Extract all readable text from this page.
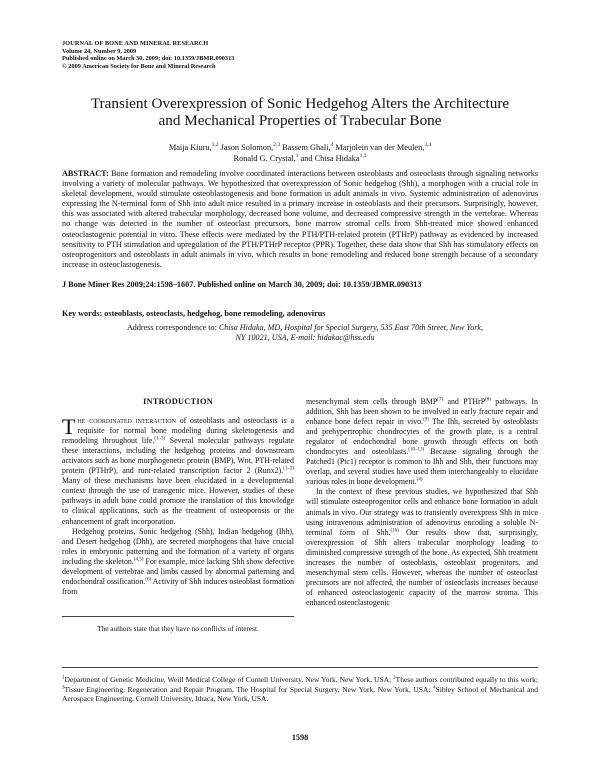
JOURNAL OF BONE AND MINERAL RESEARCH
Volume 24, Number 9, 2009
Published online on March 30, 2009; doi: 10.1359/JBMR.090313
© 2009 American Society for Bone and Mineral Research
Transient Overexpression of Sonic Hedgehog Alters the Architecture
and Mechanical Properties of Trabecular Bone
Maija Kiuru,$^{1,2}$ Jason Solomon,$^{2,3}$ Bassem Ghali,$^4$ Marjolein van der Meulen,$^{3,4}$
Ronald G. Crystal,$^1$ and Chisa Hidaka$^{1,3}$
ABSTRACT: Bone formation and remodeling involve coordinated interactions between osteoblasts and osteoclasts through signaling networks involving a variety of molecular pathways. We hypothesized that overexpression of Sonic hedgehog (Shh), a morphogen with a crucial role in skeletal development, would stimulate osteoblastogenesis and bone formation in adult animals in vivo. Systemic administration of adenovirus expressing the N-terminal form of Shh into adult mice resulted in a primary increase in osteoblasts and their precursors. Surprisingly, however, this was associated with altered trabecular morphology, decreased bone volume, and decreased compressive strength in the vertebrae. Whereas no change was detected in the number of osteoclast precursors, bone marrow stromal cells from Shh-treated mice showed enhanced osteoclastogenic potential in vitro. These effects were mediated by the PTH/PTH-related protein (PTHrP) pathway as evidenced by increased sensitivity to PTH stimulation and upregulation of the PTH/PTHrP receptor (PPR). Together, these data show that Shh has stimulatory effects on osteoprogenitors and osteoblasts in adult animals in vivo, which results in bone remodeling and reduced bone strength because of a secondary increase in osteoclastogenesis.
J Bone Miner Res 2009;24:1598–1607. Published online on March 30, 2009; doi: 10.1359/JBMR.090313
Key words: osteoblasts, osteoclasts, hedgehog, bone remodeling, adenovirus
Address correspondence to: Chisa Hidaka, MD, Hospital for Special Surgery, 535 East 70th Street, New York,
NY 10021, USA, E-mail: hidakac@hss.edu
INTRODUCTION

The coordinated interaction of osteoblasts and osteoclasts is a requisite for normal bone modeling during skeletogenesis and remodeling throughout life.$^{(1-3)}$ Several molecular pathways regulate these interactions, including the hedgehog proteins and downstream activators such as bone morphogenetic protein (BMP), Wnt, PTH-related protein (PTHrP), and runt-related transcription factor 2 (Runx2).$^{(1-3)}$ Many of these mechanisms have been elucidated in a developmental context through the use of transgenic mice. However, studies of these pathways in adult bone could promote the translation of this knowledge to clinical applications, such as the treatment of osteoporosis or the enhancement of graft incorporation.

Hedgehog proteins, Sonic hedgehog (Shh), Indian hedgehog (Ihh), and Desert hedgehog (Dhh), are secreted morphogens that have crucial roles in embryonic patterning and the formation of a variety of organs including the skeleton.$^{(4,5)}$ For example, mice lacking Shh show defective development of vertebrae and limbs caused by abnormal patterning and endochondral ossification.$^{(6)}$ Activity of Shh induces osteoblast formation from

mesenchymal stem cells through BMP$^{(7)}$ and PTHrP$^{(8)}$ pathways. In addition, Shh has been shown to be involved in early fracture repair and enhance bone defect repair in vivo.$^{(9)}$ The Ihh, secreted by osteoblasts and prehypertrophic chondrocytes of the growth plate, is a central regulator of endochondral bone growth through effects on both chondrocytes and osteoblasts.$^{(10-13)}$ Because signaling through the Patched1 (Ptc1) receptor is common to Ihh and Shh, their functions may overlap, and several studies have used them interchangeably to elucidate various roles in bone development.$^{(4)}$

In the context of these previous studies, we hypothesized that Shh will stimulate osteoprogenitor cells and enhance bone formation in adult animals in vivo. Our strategy was to transiently overexpress Shh in mice using intravenous administration of adenovirus encoding a soluble N-terminal form of Shh.$^{(16)}$ Our results show that, surprisingly, overexpression of Shh alters trabecular morphology leading to diminished compressive strength of the bone. As expected, Shh treatment increases the number of osteoblasts, osteoblast progenitors, and mesenchymal stem cells. However, whereas the number of osteoclast precursors are not affected, the number of osteoclasts increases because of enhanced osteoclastogenic capacity of the marrow stroma. This enhanced osteoclastogenic

The authors state that they have no conflicts of interest.
$^1$Department of Genetic Medicine, Weill Medical College of Cornell University, New York, New York, USA; $^2$These authors contributed equally to this work; $^3$Tissue Engineering, Regeneration and Repair Program, The Hospital for Special Surgery, New York, New York, USA; $^4$Sibley School of Mechanical and Aerospace Engineering, Cornell University, Ithaca, New York, USA.
1598
